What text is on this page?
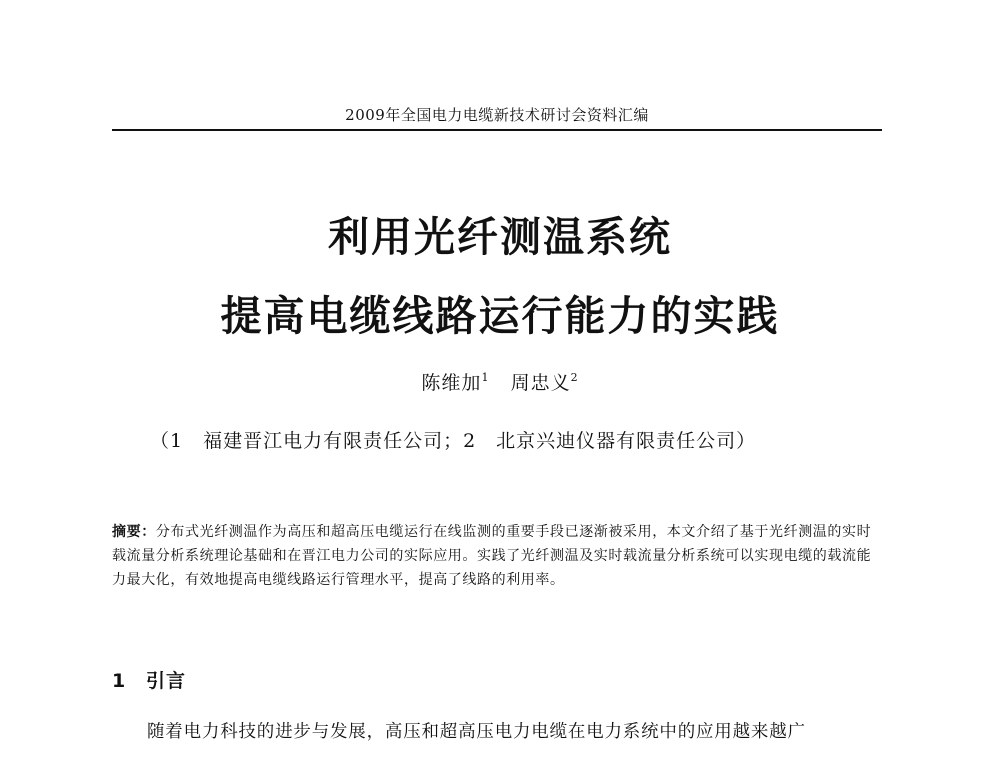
2009年全国电力电缆新技术研讨会资料汇编
利用光纤测温系统
提高电缆线路运行能力的实践
陈维加$^1$ 周忠义$^2$
（1　福建晋江电力有限责任公司；2　北京兴迪仪器有限责任公司）
摘要：分布式光纤测温作为高压和超高压电缆运行在线监测的重要手段已逐渐被采用，本文介绍了基于光纤测温的实时载流量分析系统理论基础和在晋江电力公司的实际应用。实践了光纤测温及实时载流量分析系统可以实现电缆的载流能力最大化，有效地提高电缆线路运行管理水平，提高了线路的利用率。
1 引言
随着电力科技的进步与发展，高压和超高压电力电缆在电力系统中的应用越来越广
